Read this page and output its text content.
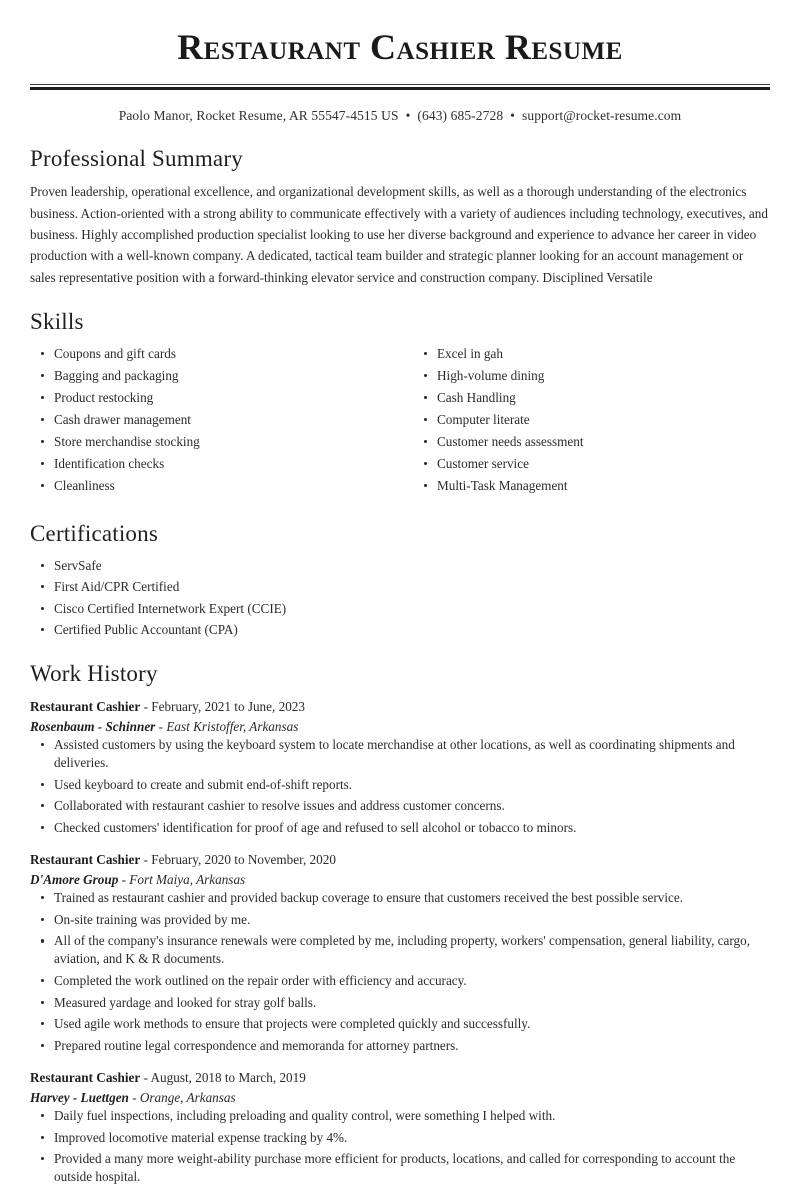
Restaurant Cashier Resume
Paolo Manor, Rocket Resume, AR 55547-4515 US • (643) 685-2728 • support@rocket-resume.com
Professional Summary

Proven leadership, operational excellence, and organizational development skills, as well as a thorough understanding of the electronics business. Action-oriented with a strong ability to communicate effectively with a variety of audiences including technology, executives, and business. Highly accomplished production specialist looking to use her diverse background and experience to advance her career in video production with a well-known company. A dedicated, tactical team builder and strategic planner looking for an account management or sales representative position with a forward-thinking elevator service and construction company. Disciplined Versatile

Skills
Coupons and gift cards
Bagging and packaging
Product restocking
Cash drawer management
Store merchandise stocking
Identification checks
Cleanliness
Excel in gah
High-volume dining
Cash Handling
Computer literate
Customer needs assessment
Customer service
Multi-Task Management
Certifications
ServSafe
First Aid/CPR Certified
Cisco Certified Internetwork Expert (CCIE)
Certified Public Accountant (CPA)
Work History
Restaurant Cashier - February, 2021 to June, 2023
Rosenbaum - Schinner - East Kristoffer, Arkansas
Assisted customers by using the keyboard system to locate merchandise at other locations, as well as coordinating shipments and deliveries.
Used keyboard to create and submit end-of-shift reports.
Collaborated with restaurant cashier to resolve issues and address customer concerns.
Checked customers' identification for proof of age and refused to sell alcohol or tobacco to minors.
Restaurant Cashier - February, 2020 to November, 2020
D'Amore Group - Fort Maiya, Arkansas
Trained as restaurant cashier and provided backup coverage to ensure that customers received the best possible service.
On-site training was provided by me.
All of the company's insurance renewals were completed by me, including property, workers' compensation, general liability, cargo, aviation, and K & R documents.
Completed the work outlined on the repair order with efficiency and accuracy.
Measured yardage and looked for stray golf balls.
Used agile work methods to ensure that projects were completed quickly and successfully.
Prepared routine legal correspondence and memoranda for attorney partners.
Restaurant Cashier - August, 2018 to March, 2019
Harvey - Luettgen - Orange, Arkansas
Daily fuel inspections, including preloading and quality control, were something I helped with.
Improved locomotive material expense tracking by 4%.
Provided a many more weight-ability purchase more efficient for products, locations, and called for corresponding to account the outside hospital.
